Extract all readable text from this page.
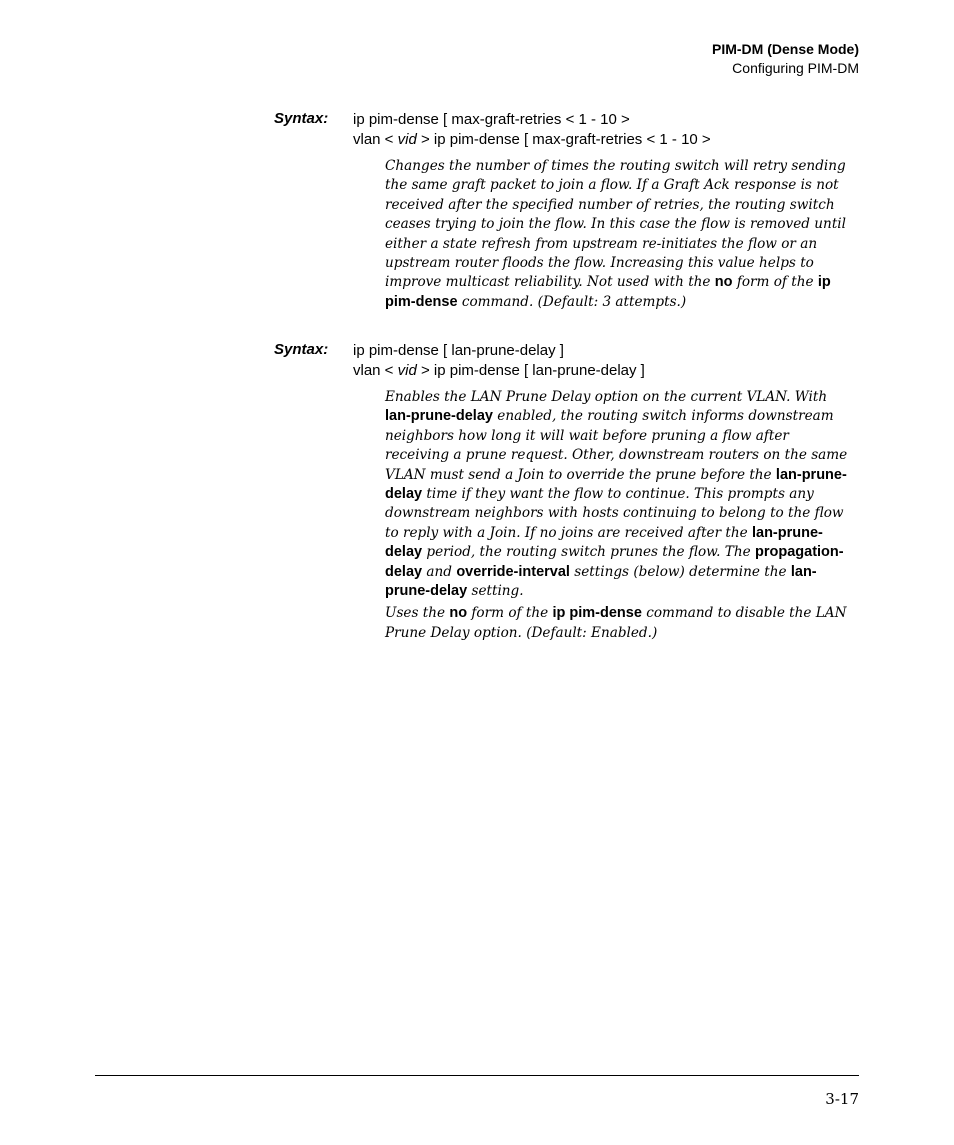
PIM-DM (Dense Mode)
Configuring PIM-DM
Syntax: ip pim-dense [ max-graft-retries < 1 - 10 >
vlan < vid > ip pim-dense [ max-graft-retries < 1 - 10 >

Changes the number of times the routing switch will retry sending the same graft packet to join a flow. If a Graft Ack response is not received after the specified number of retries, the routing switch ceases trying to join the flow. In this case the flow is removed until either a state refresh from upstream re-initiates the flow or an upstream router floods the flow. Increasing this value helps to improve multicast reliability. Not used with the no form of the ip pim-dense command. (Default: 3 attempts.)

Syntax: ip pim-dense [ lan-prune-delay ]
vlan < vid > ip pim-dense [ lan-prune-delay ]

Enables the LAN Prune Delay option on the current VLAN. With lan-prune-delay enabled, the routing switch informs downstream neighbors how long it will wait before pruning a flow after receiving a prune request. Other, downstream routers on the same VLAN must send a Join to override the prune before the lan-prune-delay time if they want the flow to continue. This prompts any downstream neighbors with hosts continuing to belong to the flow to reply with a Join. If no joins are received after the lan-prune-delay period, the routing switch prunes the flow. The propagation-delay and override-interval settings (below) determine the lan-prune-delay setting.

Uses the no form of the ip pim-dense command to disable the LAN Prune Delay option. (Default: Enabled.)

3-17
